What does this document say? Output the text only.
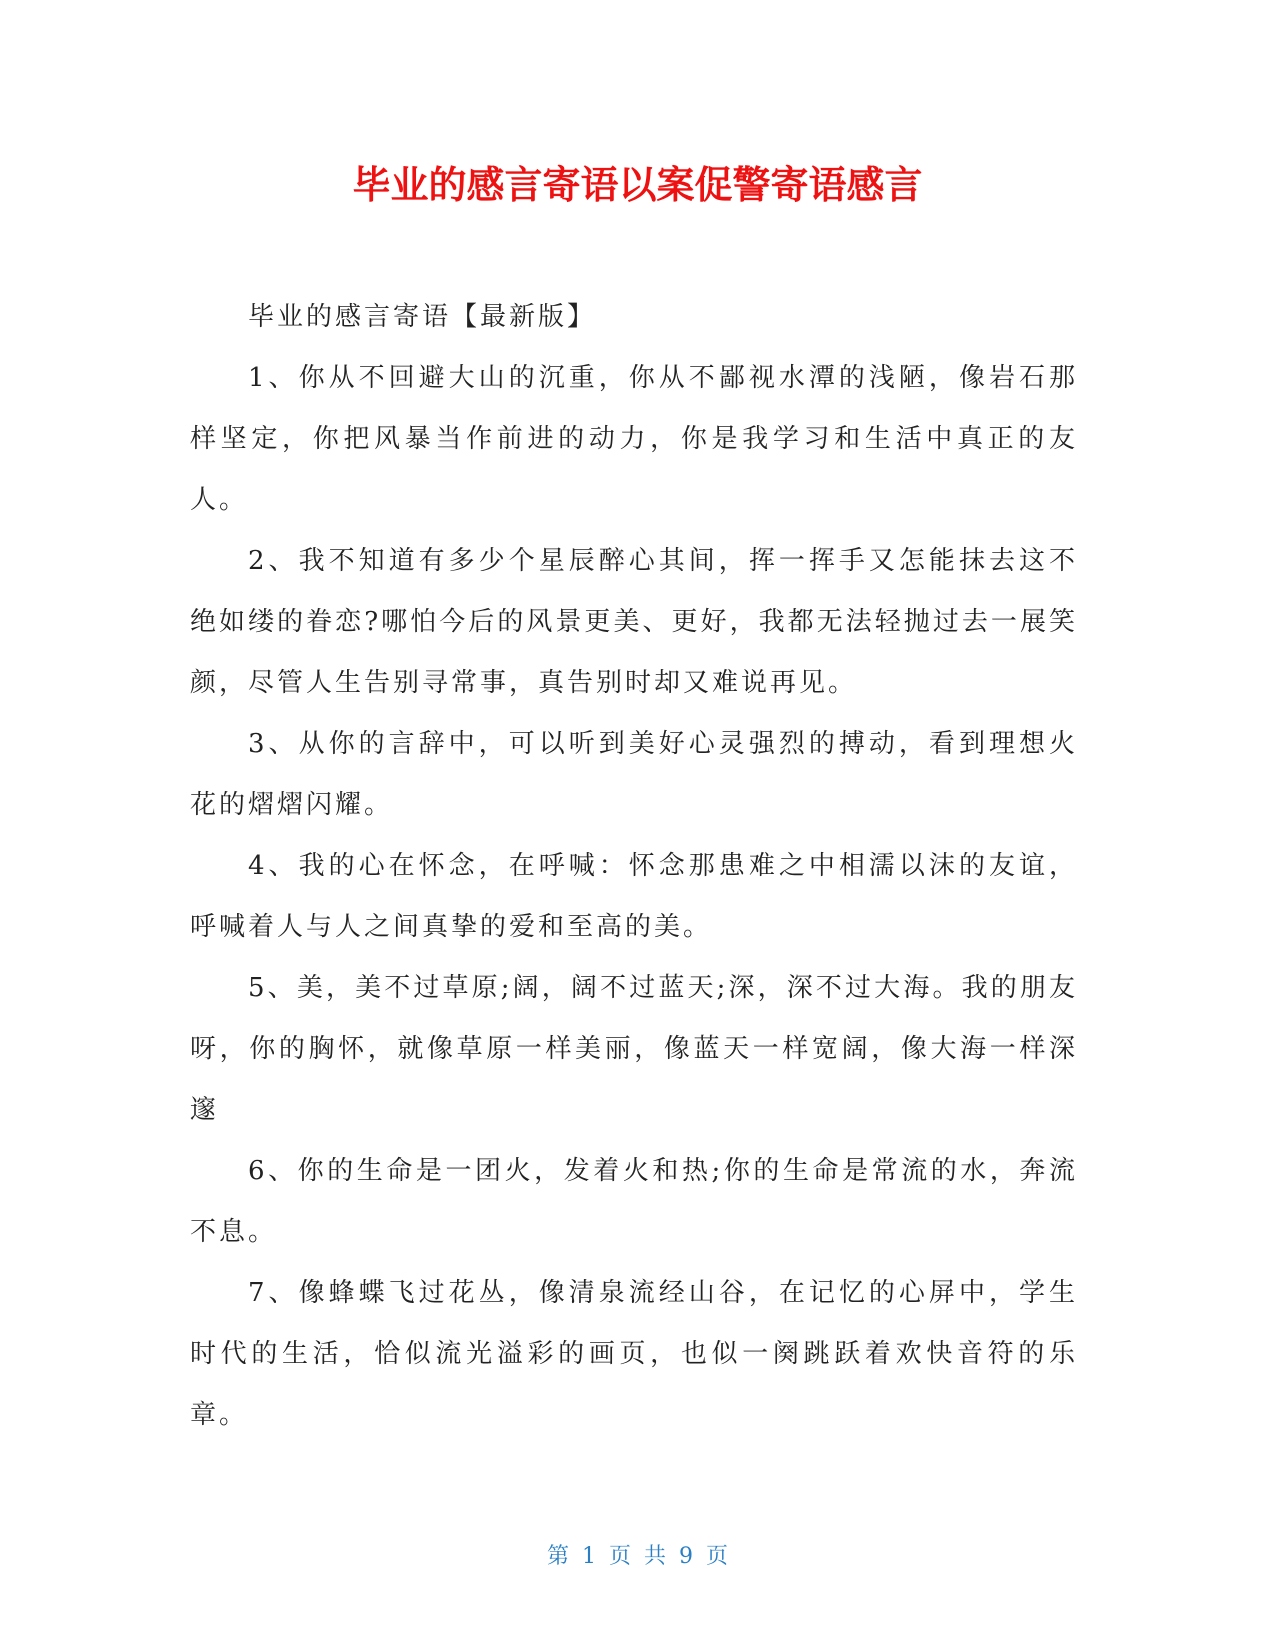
毕业的感言寄语以案促警寄语感言

毕业的感言寄语【最新版】

1、你从不回避大山的沉重，你从不鄙视水潭的浅陋，像岩石那样坚定，你把风暴当作前进的动力，你是我学习和生活中真正的友人。

2、我不知道有多少个星辰醉心其间，挥一挥手又怎能抹去这不绝如缕的眷恋?哪怕今后的风景更美、更好，我都无法轻抛过去一展笑颜，尽管人生告别寻常事，真告别时却又难说再见。

3、从你的言辞中，可以听到美好心灵强烈的搏动，看到理想火花的熠熠闪耀。

4、我的心在怀念，在呼喊：怀念那患难之中相濡以沫的友谊，呼喊着人与人之间真挚的爱和至高的美。

5、美，美不过草原;阔，阔不过蓝天;深，深不过大海。我的朋友呀，你的胸怀，就像草原一样美丽，像蓝天一样宽阔，像大海一样深邃

6、你的生命是一团火，发着火和热;你的生命是常流的水，奔流不息。

7、像蜂蝶飞过花丛，像清泉流经山谷，在记忆的心屏中，学生时代的生活，恰似流光溢彩的画页，也似一阕跳跃着欢快音符的乐章。

第 1 页 共 9 页
